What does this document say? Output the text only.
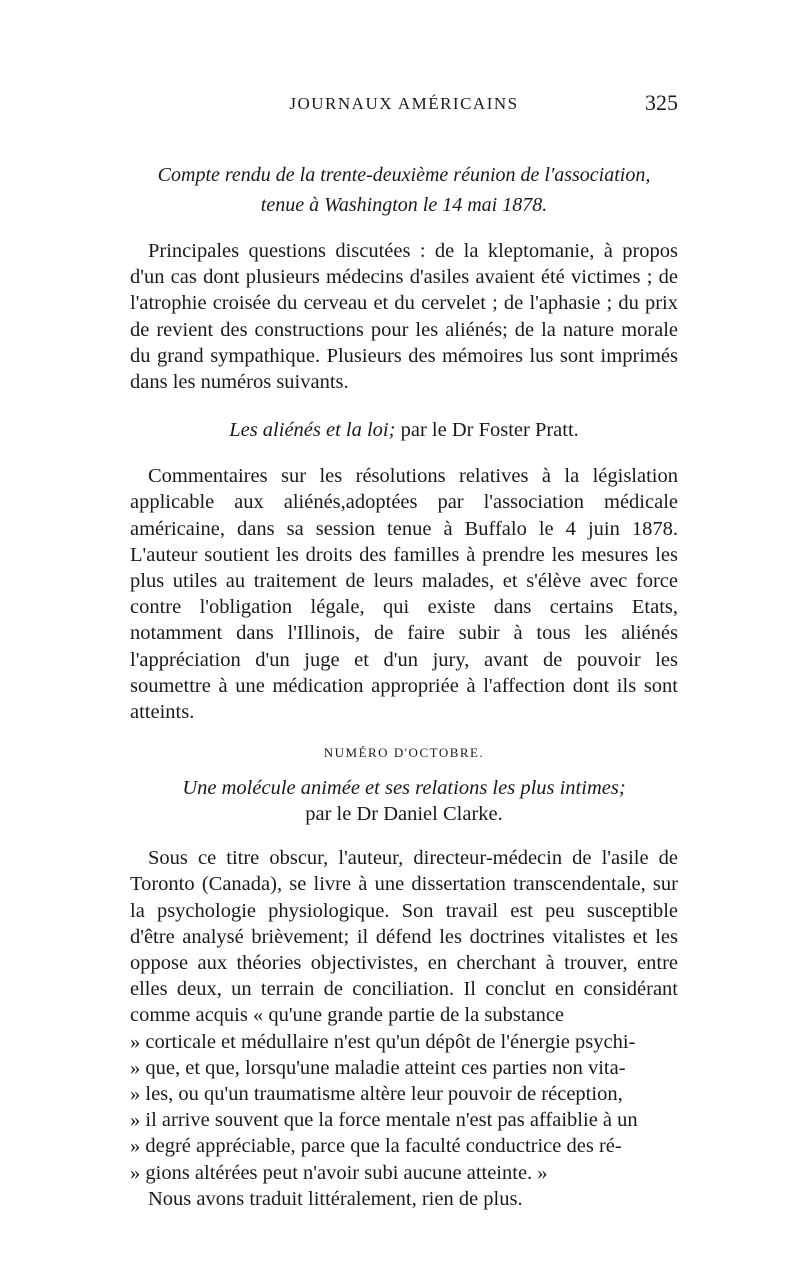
JOURNAUX AMÉRICAINS	325

Compte rendu de la trente-deuxième réunion de l'association,

tenue à Washington le 14 mai 1878.

Principales questions discutées : de la kleptomanie, à propos d'un cas dont plusieurs médecins d'asiles avaient été victimes ; de l'atrophie croisée du cerveau et du cervelet ; de l'aphasie ; du prix de revient des constructions pour les aliénés; de la nature morale du grand sympathique. Plusieurs des mémoires lus sont imprimés dans les numéros suivants.

Les aliénés et la loi; par le Dr Foster Pratt.

Commentaires sur les résolutions relatives à la législation applicable aux aliénés,adoptées par l'association médicale américaine, dans sa session tenue à Buffalo le 4 juin 1878. L'auteur soutient les droits des familles à prendre les mesures les plus utiles au traitement de leurs malades, et s'élève avec force contre l'obligation légale, qui existe dans certains Etats, notamment dans l'Illinois, de faire subir à tous les aliénés l'appréciation d'un juge et d'un jury, avant de pouvoir les soumettre à une médication appropriée à l'affection dont ils sont atteints.

NUMÉRO D'OCTOBRE.

Une molécule animée et ses relations les plus intimes;

par le Dr Daniel Clarke.

Sous ce titre obscur, l'auteur, directeur-médecin de l'asile de Toronto (Canada), se livre à une dissertation transcendentale, sur la psychologie physiologique. Son travail est peu susceptible d'être analysé brièvement; il défend les doctrines vitalistes et les oppose aux théories objectivistes, en cherchant à trouver, entre elles deux, un terrain de conciliation. Il conclut en considérant comme acquis « qu'une grande partie de la substance
» corticale et médullaire n'est qu'un dépôt de l'énergie psychi-
» que, et que, lorsqu'une maladie atteint ces parties non vita-
» les, ou qu'un traumatisme altère leur pouvoir de réception,
» il arrive souvent que la force mentale n'est pas affaiblie à un
» degré appréciable, parce que la faculté conductrice des ré-
» gions altérées peut n'avoir subi aucune atteinte. »

Nous avons traduit littéralement, rien de plus.
